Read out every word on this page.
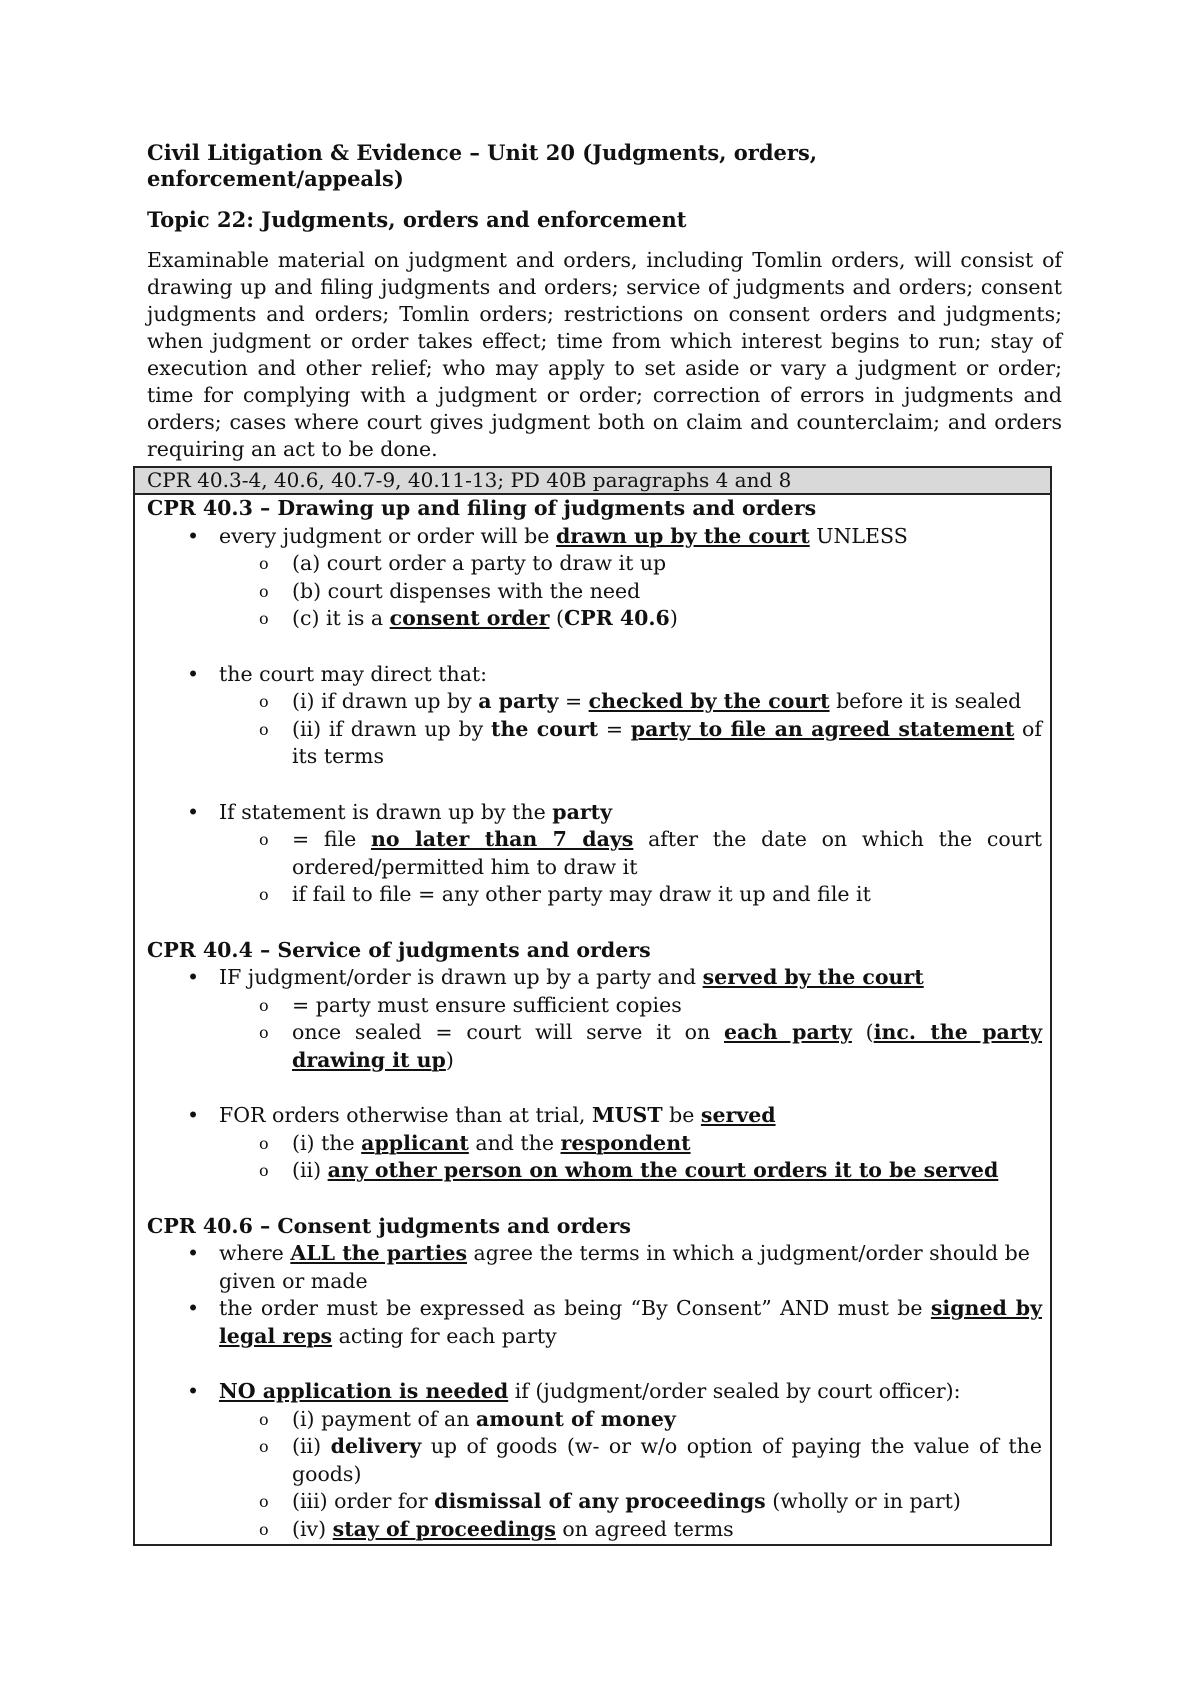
Civil Litigation & Evidence – Unit 20 (Judgments, orders, enforcement/appeals)

Topic 22: Judgments, orders and enforcement

Examinable material on judgment and orders, including Tomlin orders, will consist of drawing up and filing judgments and orders; service of judgments and orders; consent judgments and orders; Tomlin orders; restrictions on consent orders and judgments; when judgment or order takes effect; time from which interest begins to run; stay of execution and other relief; who may apply to set aside or vary a judgment or order; time for complying with a judgment or order; correction of errors in judgments and orders; cases where court gives judgment both on claim and counterclaim; and orders requiring an act to be done.

CPR 40.3-4, 40.6, 40.7-9, 40.11-13; PD 40B paragraphs 4 and 8

CPR 40.3 – Drawing up and filing of judgments and orders

• every judgment or order will be drawn up by the court UNLESS
o (a) court order a party to draw it up
o (b) court dispenses with the need
o (c) it is a consent order (CPR 40.6)
• the court may direct that:
o (i) if drawn up by a party = checked by the court before it is sealed
o (ii) if drawn up by the court = party to file an agreed statement of its terms
• If statement is drawn up by the party
o = file no later than 7 days after the date on which the court ordered/permitted him to draw it
o if fail to file = any other party may draw it up and file it

CPR 40.4 – Service of judgments and orders

• IF judgment/order is drawn up by a party and served by the court
o = party must ensure sufficient copies
o once sealed = court will serve it on each party (inc. the party drawing it up)
• FOR orders otherwise than at trial, MUST be served
o (i) the applicant and the respondent
o (ii) any other person on whom the court orders it to be served

CPR 40.6 – Consent judgments and orders

• where ALL the parties agree the terms in which a judgment/order should be given or made
• the order must be expressed as being “By Consent” AND must be signed by legal reps acting for each party
• NO application is needed if (judgment/order sealed by court officer):
o (i) payment of an amount of money
o (ii) delivery up of goods (w- or w/o option of paying the value of the goods)
o (iii) order for dismissal of any proceedings (wholly or in part)
o (iv) stay of proceedings on agreed terms
